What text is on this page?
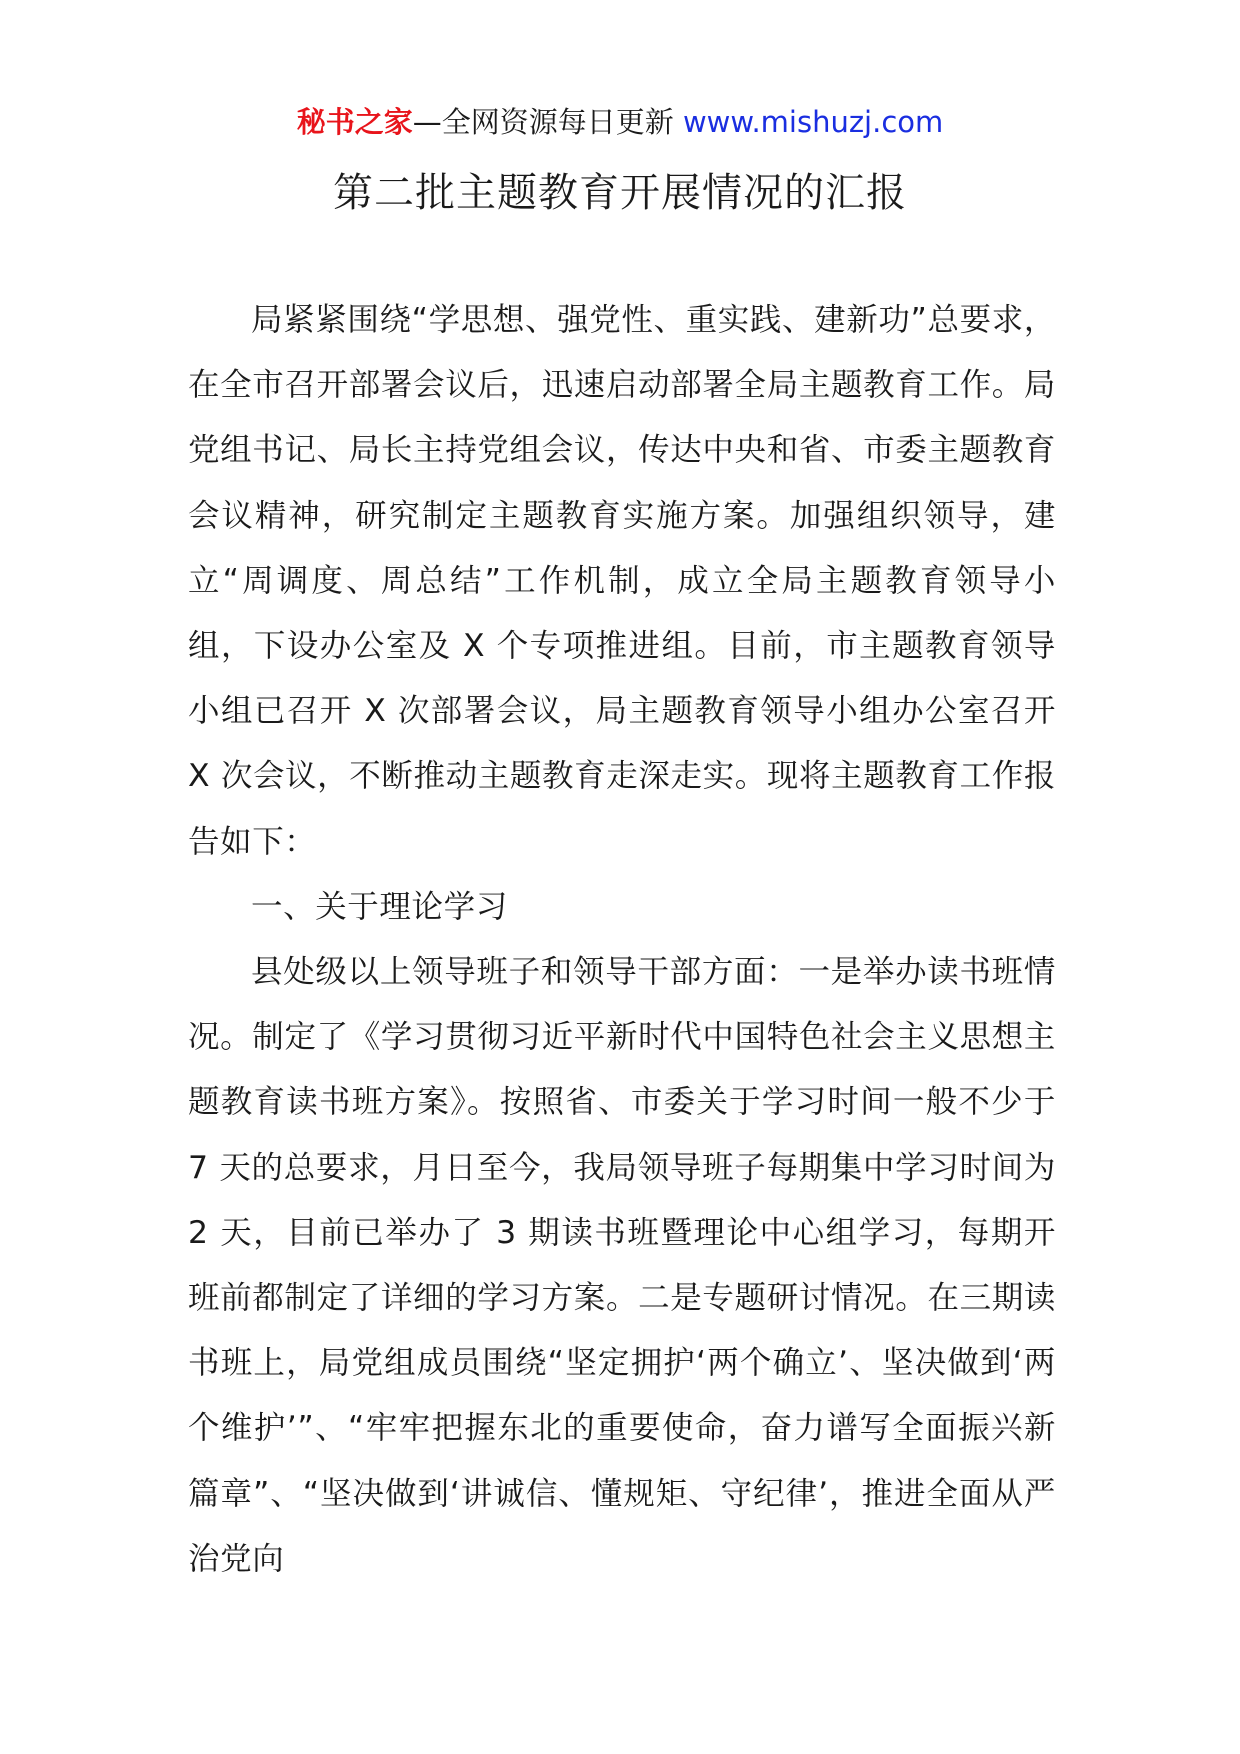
秘书之家—全网资源每日更新 www.mishuzj.com
第二批主题教育开展情况的汇报

局紧紧围绕“学思想、强党性、重实践、建新功”总要求，在全市召开部署会议后，迅速启动部署全局主题教育工作。局党组书记、局长主持党组会议，传达中央和省、市委主题教育会议精神，研究制定主题教育实施方案。加强组织领导，建立“周调度、周总结”工作机制，成立全局主题教育领导小组，下设办公室及 X 个专项推进组。目前，市主题教育领导小组已召开 X 次部署会议，局主题教育领导小组办公室召开 X 次会议，不断推动主题教育走深走实。现将主题教育工作报告如下：

一、关于理论学习

县处级以上领导班子和领导干部方面：一是举办读书班情况。制定了《学习贯彻习近平新时代中国特色社会主义思想主题教育读书班方案》。按照省、市委关于学习时间一般不少于 7 天的总要求，月日至今，我局领导班子每期集中学习时间为 2 天，目前已举办了 3 期读书班暨理论中心组学习，每期开班前都制定了详细的学习方案。二是专题研讨情况。在三期读书班上，局党组成员围绕“坚定拥护‘两个确立’、坚决做到‘两个维护’”、“牢牢把握东北的重要使命，奋力谱写全面振兴新篇章”、“坚决做到‘讲诚信、懂规矩、守纪律’，推进全面从严治党向
